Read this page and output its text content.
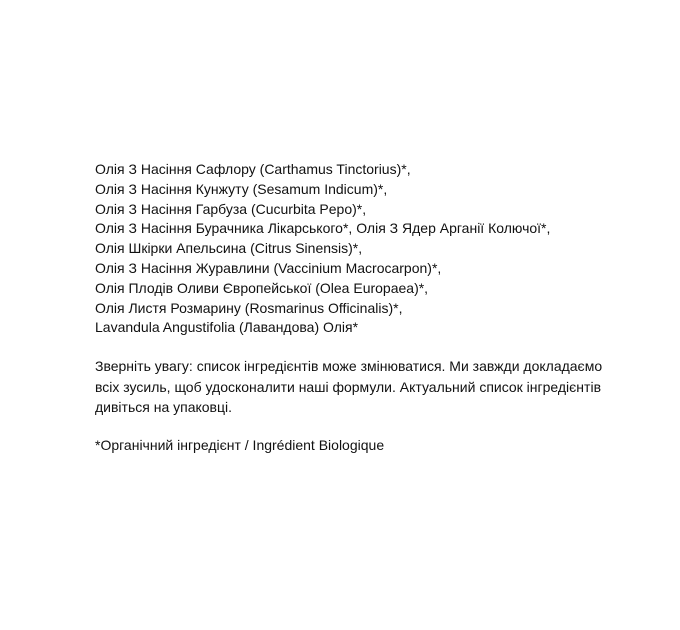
Олія З Насіння Сафлору (Carthamus Tinctorius)*,
Олія З Насіння Кунжуту (Sesamum Indicum)*,
Олія З Насіння Гарбуза (Cucurbita Pepo)*,
Олія З Насіння Бурачника Лікарського*, Олія З Ядер Арганії Колючої*,
Олія Шкірки Апельсина (Citrus Sinensis)*,
Олія З Насіння Журавлини (Vaccinium Macrocarpon)*,
Олія Плодів Оливи Європейської (Olea Europaea)*,
Олія Листя Розмарину (Rosmarinus Officinalis)*,
Lavandula Angustifolia (Лавандова) Олія*

Зверніть увагу: список інгредієнтів може змінюватися. Ми завжди докладаємо всіх зусиль, щоб удосконалити наші формули. Актуальний список інгредієнтів дивіться на упаковці.

*Органічний інгредієнт / Ingrédient Biologique
